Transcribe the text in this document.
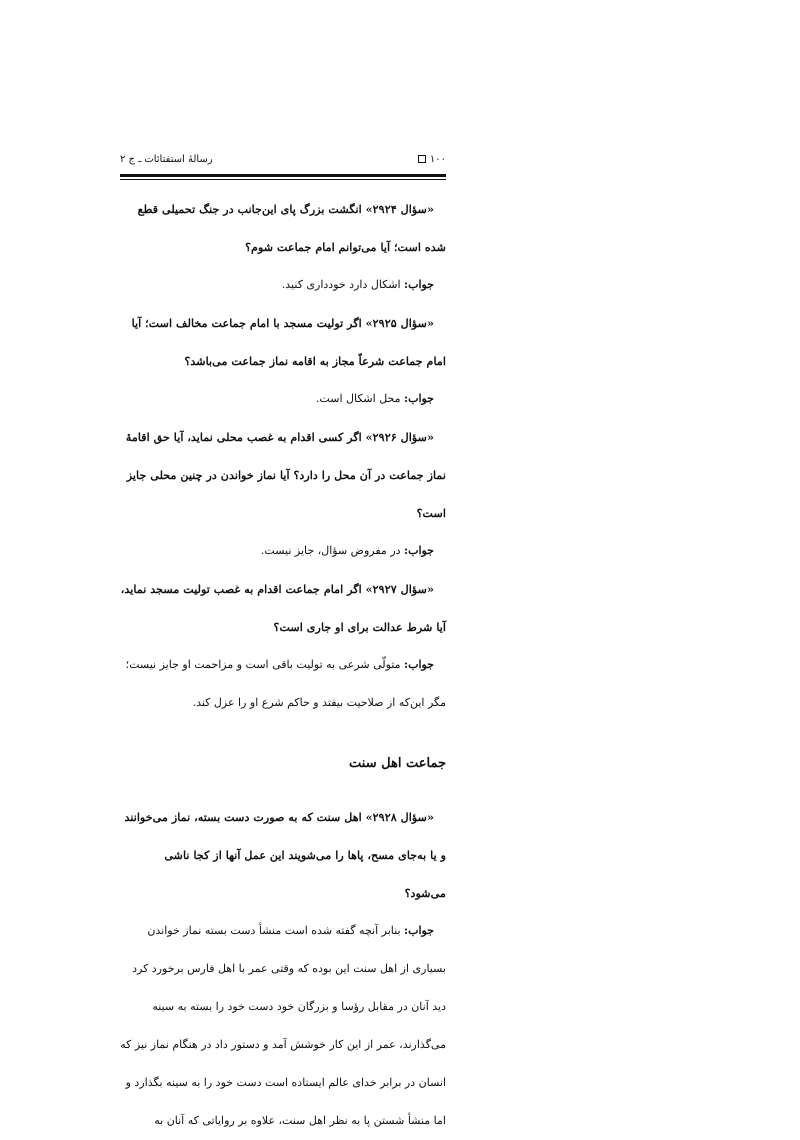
۱۰۰
رسالهٔ استفتائات ـ ج ۲

«سؤال ۲۹۲۴» انگشت بزرگ پای این‌جانب در جنگ تحمیلی قطع شده است؛ آیا می‌توانم امام جماعت شوم؟

جواب: اشکال دارد خودداری کنید.

«سؤال ۲۹۲۵» اگر تولیت مسجد با امام جماعت مخالف است؛ آیا امام جماعت شرعاً مجاز به اقامه نماز جماعت می‌باشد؟

جواب: محل اشکال است.

«سؤال ۲۹۲۶» اگر کسی اقدام به غصب محلی نماید، آیا حق اقامهٔ نماز جماعت در آن محل را دارد؟ آیا نماز خواندن در چنین محلی جایز است؟

جواب: در مفروض سؤال، جایز نیست.

«سؤال ۲۹۲۷» اگر امام جماعت اقدام به غصب تولیت مسجد نماید، آیا شرط عدالت برای او جاری است؟

جواب: متولّی شرعی به تولیت باقی است و مزاحمت او جایز نیست؛ مگر این‌که از صلاحیت بیفتد و حاکم شرع او را عزل کند.

جماعت اهل سنت

«سؤال ۲۹۲۸» اهل سنت که به صورت دست بسته، نماز می‌خوانند و یا به‌جای مسح، پاها را می‌شویند این عمل آنها از کجا ناشی می‌شود؟

جواب: بنابر آنچه گفته شده است منشأ دست بسته نماز خواندن بسیاری از اهل سنت این بوده که وقتی عمر با اهل فارس برخورد کرد دید آنان در مقابل رؤسا و بزرگان خود دست خود را بسته به سینه می‌گذارند، عمر از این کار خوشش آمد و دستور داد در هنگام نماز نیز که انسان در برابر خدای عالم ایستاده است دست خود را به سینه بگذارد و اما منشأ شستن پا به نظر اهل سنت، علاوه بر روایاتی که آنان به
